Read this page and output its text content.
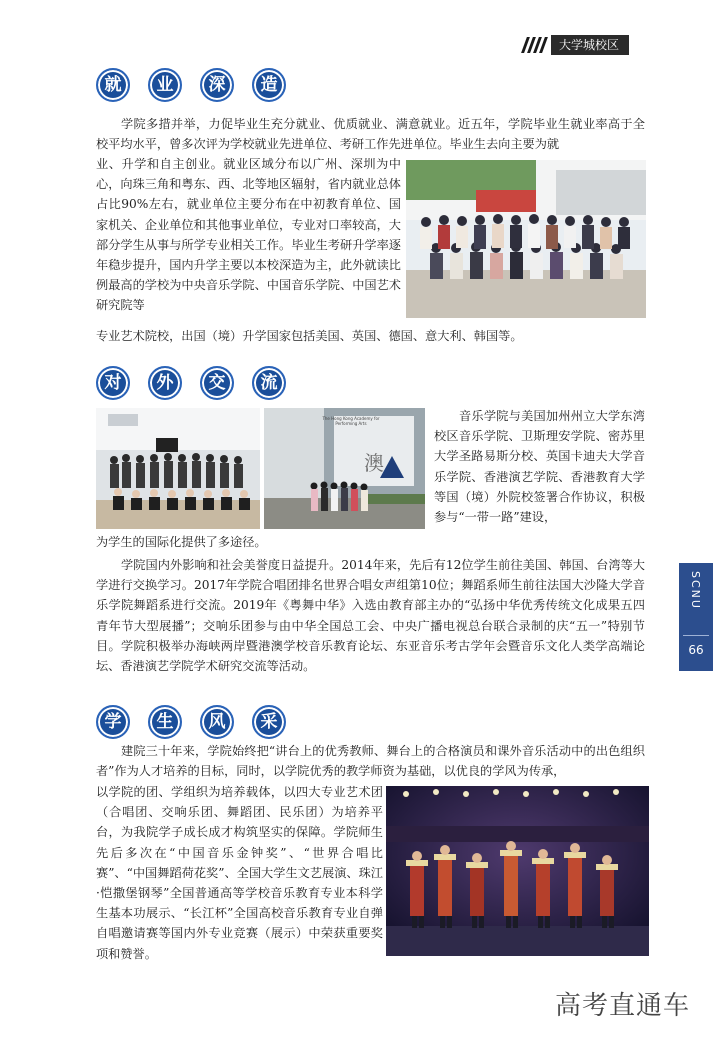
大学城校区
就	业	深	造

学院多措并举，力促毕业生充分就业、优质就业、满意就业。近五年，学院毕业生就业率高于全校平均水平，曾多次评为学校就业先进单位、考研工作先进单位。毕业生去向主要为就

业、升学和自主创业。就业区域分布以广州、深圳为中心，向珠三角和粤东、西、北等地区辐射，省内就业总体占比90%左右，就业单位主要分布在中初教育单位、国家机关、企业单位和其他事业单位，专业对口率较高，大部分学生从事与所学专业相关工作。毕业生考研升学率逐年稳步提升，国内升学主要以本校深造为主，此外就读比例最高的学校为中央音乐学院、中国音乐学院、中国艺术研究院等

专业艺术院校，出国（境）升学国家包括美国、英国、德国、意大利、韩国等。

对	外	交	流
澳
The Hong Kong Academy for Performing Arts

音乐学院与美国加州州立大学东湾校区音乐学院、卫斯理安学院、密苏里大学圣路易斯分校、英国卡迪夫大学音乐学院、香港演艺学院、香港教育大学等国（境）外院校签署合作协议，积极参与“一带一路”建设，

为学生的国际化提供了多途径。

学院国内外影响和社会美誉度日益提升。2014年来，先后有12位学生前往美国、韩国、台湾等大学进行交换学习。2017年学院合唱团排名世界合唱女声组第10位；舞蹈系师生前往法国大沙隆大学音乐学院舞蹈系进行交流。2019年《粤舞中华》入选由教育部主办的“弘扬中华优秀传统文化成果五四青年节大型展播”；交响乐团参与由中华全国总工会、中央广播电视总台联合录制的庆“五一”特别节目。学院积极举办海峡两岸暨港澳学校音乐教育论坛、东亚音乐考古学年会暨音乐文化人类学高端论坛、香港演艺学院学术研究交流等活动。

学	生	风	采

建院三十年来，学院始终把“讲台上的优秀教师、舞台上的合格演员和课外音乐活动中的出色组织者”作为人才培养的目标，同时，以学院优秀的教学师资为基础，以优良的学风为传承，

以学院的团、学组织为培养载体，以四大专业艺术团（合唱团、交响乐团、舞蹈团、民乐团）为培养平台，为我院学子成长成才构筑坚实的保障。学院师生先后多次在“中国音乐金钟奖”、“世界合唱比赛”、“中国舞蹈荷花奖”、全国大学生文艺展演、珠江·恺撒堡钢琴”全国普通高等学校音乐教育专业本科学生基本功展示、“长江杯”全国高校音乐教育专业自弹自唱邀请赛等国内外专业竞赛（展示）中荣获重要奖项和赞誉。

SCNU
66
高考直通车
